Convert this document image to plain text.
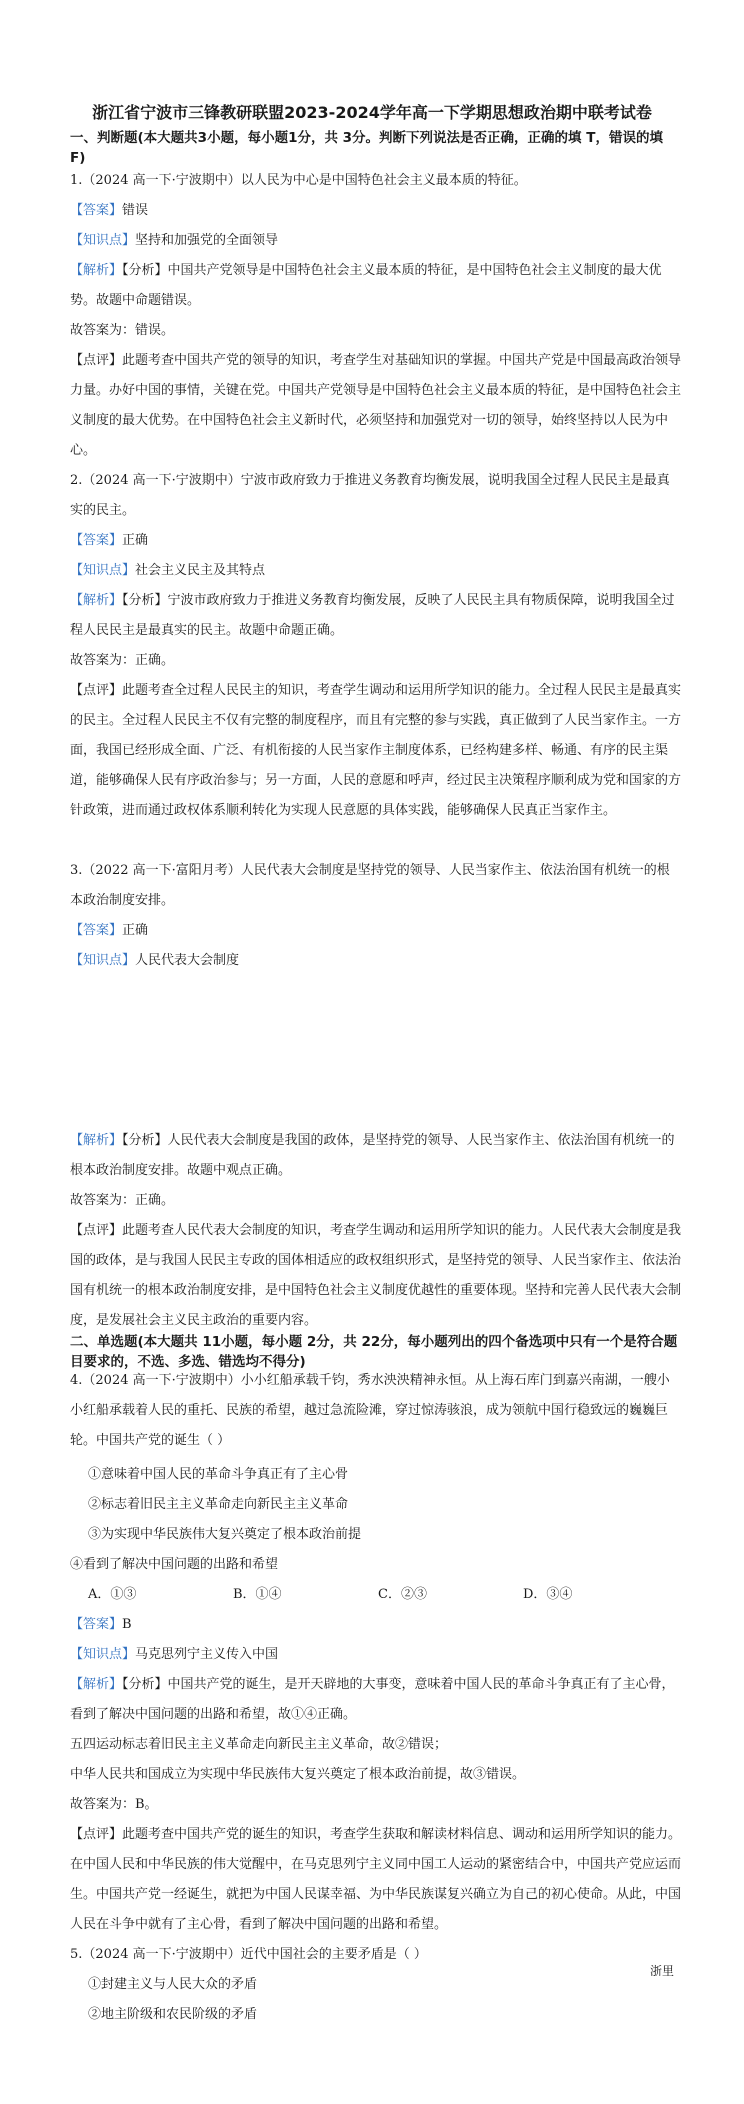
浙江省宁波市三锋教研联盟2023-2024学年高一下学期思想政治期中联考试卷
一、判断题(本大题共3小题，每小题1分，共 3分。判断下列说法是否正确，正确的填 T，错误的填 F)
1.（2024 高一下·宁波期中）以人民为中心是中国特色社会主义最本质的特征。
【答案】错误
【知识点】坚持和加强党的全面领导
【解析】【分析】中国共产党领导是中国特色社会主义最本质的特征，是中国特色社会主义制度的最大优势。故题中命题错误。
故答案为：错误。
【点评】此题考查中国共产党的领导的知识，考查学生对基础知识的掌握。中国共产党是中国最高政治领导力量。办好中国的事情，关键在党。中国共产党领导是中国特色社会主义最本质的特征，是中国特色社会主义制度的最大优势。在中国特色社会主义新时代，必须坚持和加强党对一切的领导，始终坚持以人民为中心。
2.（2024 高一下·宁波期中）宁波市政府致力于推进义务教育均衡发展，说明我国全过程人民民主是最真实的民主。
【答案】正确
【知识点】社会主义民主及其特点
【解析】【分析】宁波市政府致力于推进义务教育均衡发展，反映了人民民主具有物质保障，说明我国全过程人民民主是最真实的民主。故题中命题正确。
故答案为：正确。
【点评】此题考查全过程人民民主的知识，考查学生调动和运用所学知识的能力。全过程人民民主是最真实的民主。全过程人民民主不仅有完整的制度程序，而且有完整的参与实践，真正做到了人民当家作主。一方面，我国已经形成全面、广泛、有机衔接的人民当家作主制度体系，已经构建多样、畅通、有序的民主渠道，能够确保人民有序政治参与；另一方面，人民的意愿和呼声，经过民主决策程序顺利成为党和国家的方针政策，进而通过政权体系顺利转化为实现人民意愿的具体实践，能够确保人民真正当家作主。
3.（2022 高一下·富阳月考）人民代表大会制度是坚持党的领导、人民当家作主、依法治国有机统一的根本政治制度安排。
【答案】正确
【知识点】人民代表大会制度
【解析】【分析】人民代表大会制度是我国的政体，是坚持党的领导、人民当家作主、依法治国有机统一的根本政治制度安排。故题中观点正确。
故答案为：正确。
【点评】此题考查人民代表大会制度的知识，考查学生调动和运用所学知识的能力。人民代表大会制度是我国的政体，是与我国人民民主专政的国体相适应的政权组织形式，是坚持党的领导、人民当家作主、依法治国有机统一的根本政治制度安排，是中国特色社会主义制度优越性的重要体现。坚持和完善人民代表大会制度，是发展社会主义民主政治的重要内容。
二、单选题(本大题共 11小题，每小题 2分，共 22分，每小题列出的四个备选项中只有一个是符合题目要求的，不选、多选、错选均不得分)
4.（2024 高一下·宁波期中）小小红船承载千钧，秀水泱泱精神永恒。从上海石库门到嘉兴南湖，一艘小小红船承载着人民的重托、民族的希望，越过急流险滩，穿过惊涛骇浪，成为领航中国行稳致远的巍巍巨轮。中国共产党的诞生（ ）
①意味着中国人民的革命斗争真正有了主心骨
②标志着旧民主主义革命走向新民主主义革命
③为实现中华民族伟大复兴奠定了根本政治前提
④看到了解决中国问题的出路和希望
A．①③	B．①④	C．②③	D．③④
【答案】B
【知识点】马克思列宁主义传入中国
【解析】【分析】中国共产党的诞生，是开天辟地的大事变，意味着中国人民的革命斗争真正有了主心骨，看到了解决中国问题的出路和希望，故①④正确。
五四运动标志着旧民主主义革命走向新民主主义革命，故②错误；
中华人民共和国成立为实现中华民族伟大复兴奠定了根本政治前提，故③错误。
故答案为：B。
【点评】此题考查中国共产党的诞生的知识，考查学生获取和解读材料信息、调动和运用所学知识的能力。在中国人民和中华民族的伟大觉醒中，在马克思列宁主义同中国工人运动的紧密结合中，中国共产党应运而生。中国共产党一经诞生，就把为中国人民谋幸福、为中华民族谋复兴确立为自己的初心使命。从此，中国人民在斗争中就有了主心骨，看到了解决中国问题的出路和希望。
5.（2024 高一下·宁波期中）近代中国社会的主要矛盾是（ ）
①封建主义与人民大众的矛盾
②地主阶级和农民阶级的矛盾
浙里
